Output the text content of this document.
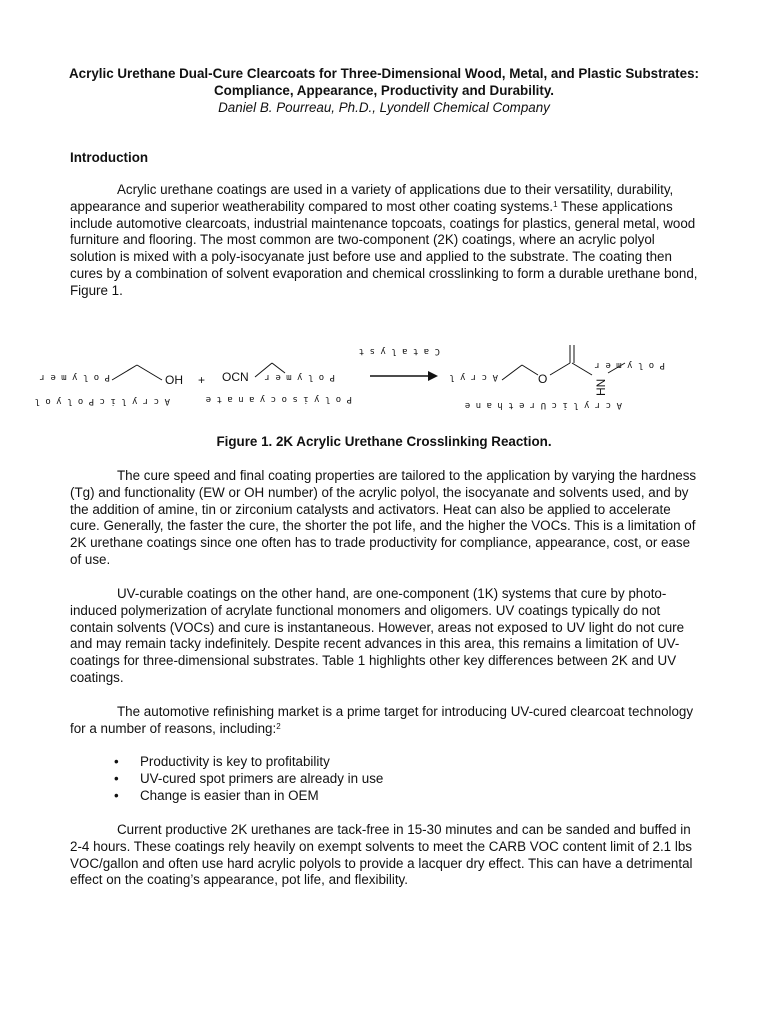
Acrylic Urethane Dual-Cure Clearcoats for Three-Dimensional Wood, Metal, and Plastic Substrates: Compliance, Appearance, Productivity and Durability.
Daniel B. Pourreau, Ph.D., Lyondell Chemical Company
Introduction

Acrylic urethane coatings are used in a variety of applications due to their versatility, durability, appearance and superior weatherability compared to most other coating systems.$^1$ These applications include automotive clearcoats, industrial maintenance topcoats, coatings for plastics, general metal, wood furniture and flooring. The most common are two-component (2K) coatings, where an acrylic polyol solution is mixed with a poly-isocyanate just before use and applied to the substrate. The coating then cures by a combination of solvent evaporation and chemical crosslinking to form a durable urethane bond, Figure 1.

P o l y m e r	OH
A c r y l i c P o l y o l
+ OCN P o l y m e r
P o l y i s o c y a n a t e
C a t a l y s t
A c r y l	O	HN
P o l y m e r
A c r y l i c U r e t h a n e
Figure 1. 2K Acrylic Urethane Crosslinking Reaction.

The cure speed and final coating properties are tailored to the application by varying the hardness (Tg) and functionality (EW or OH number) of the acrylic polyol, the isocyanate and solvents used, and by the addition of amine, tin or zirconium catalysts and activators. Heat can also be applied to accelerate cure. Generally, the faster the cure, the shorter the pot life, and the higher the VOCs. This is a limitation of 2K urethane coatings since one often has to trade productivity for compliance, appearance, cost, or ease of use.

UV-curable coatings on the other hand, are one-component (1K) systems that cure by photo-induced polymerization of acrylate functional monomers and oligomers. UV coatings typically do not contain solvents (VOCs) and cure is instantaneous. However, areas not exposed to UV light do not cure and may remain tacky indefinitely. Despite recent advances in this area, this remains a limitation of UV-coatings for three-dimensional substrates. Table 1 highlights other key differences between 2K and UV coatings.

The automotive refinishing market is a prime target for introducing UV-cured clearcoat technology for a number of reasons, including:$^2$

• Productivity is key to profitability
• UV-cured spot primers are already in use
• Change is easier than in OEM

Current productive 2K urethanes are tack-free in 15-30 minutes and can be sanded and buffed in 2-4 hours. These coatings rely heavily on exempt solvents to meet the CARB VOC content limit of 2.1 lbs VOC/gallon and often use hard acrylic polyols to provide a lacquer dry effect. This can have a detrimental effect on the coating’s appearance, pot life, and flexibility.
